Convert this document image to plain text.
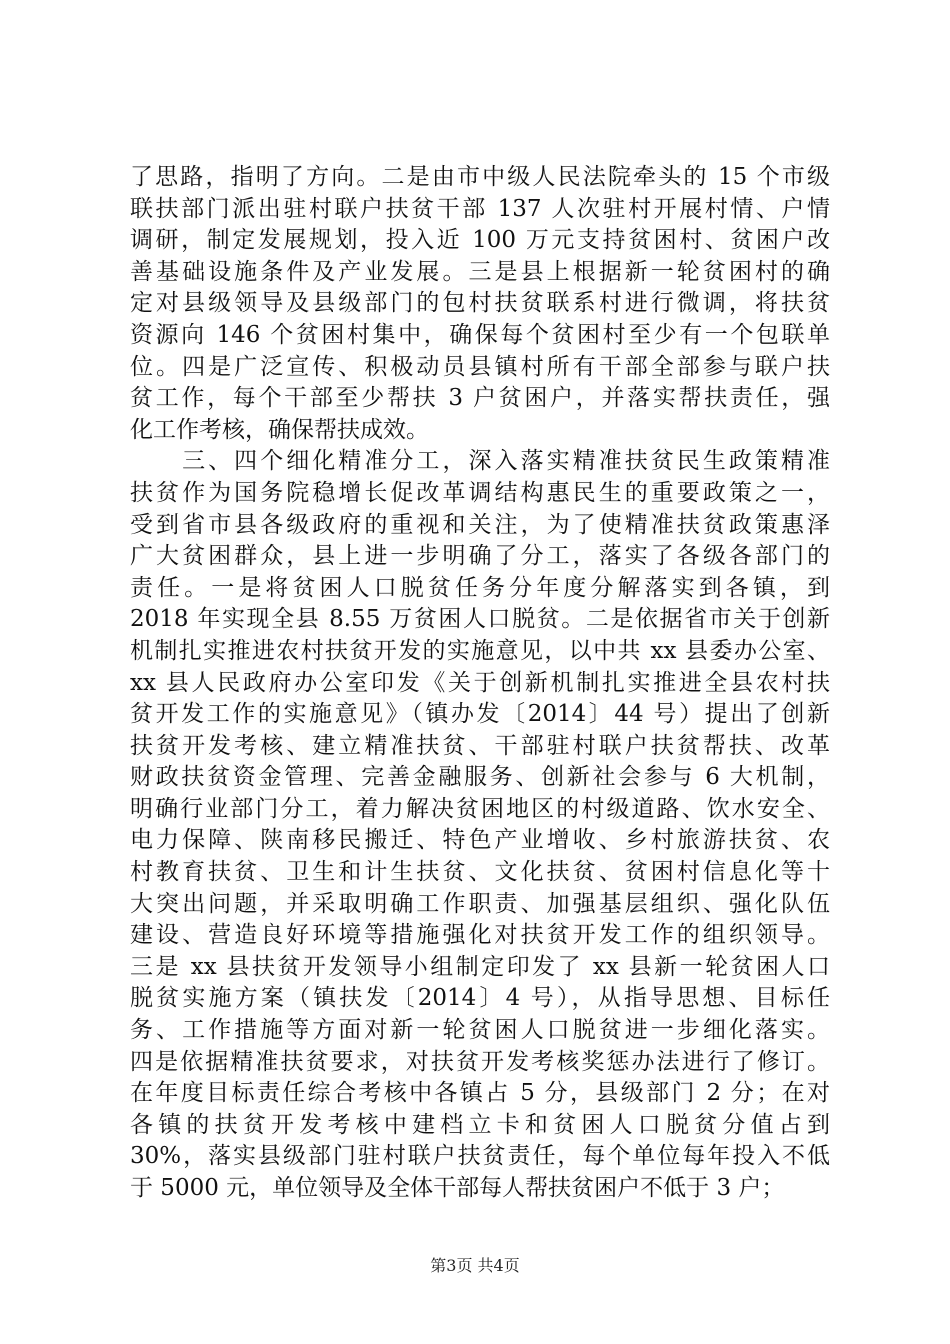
了思路，指明了方向。二是由市中级人民法院牵头的 15 个市级
联扶部门派出驻村联户扶贫干部 137 人次驻村开展村情、户情
调研，制定发展规划，投入近 100 万元支持贫困村、贫困户改
善基础设施条件及产业发展。三是县上根据新一轮贫困村的确
定对县级领导及县级部门的包村扶贫联系村进行微调，将扶贫
资源向 146 个贫困村集中，确保每个贫困村至少有一个包联单
位。四是广泛宣传、积极动员县镇村所有干部全部参与联户扶
贫工作，每个干部至少帮扶 3 户贫困户，并落实帮扶责任，强
化工作考核，确保帮扶成效。
　　三、四个细化精准分工，深入落实精准扶贫民生政策精准
扶贫作为国务院稳增长促改革调结构惠民生的重要政策之一，
受到省市县各级政府的重视和关注，为了使精准扶贫政策惠泽
广大贫困群众，县上进一步明确了分工，落实了各级各部门的
责任。一是将贫困人口脱贫任务分年度分解落实到各镇，到
2018 年实现全县 8.55 万贫困人口脱贫。二是依据省市关于创新
机制扎实推进农村扶贫开发的实施意见，以中共 xx 县委办公室、
xx 县人民政府办公室印发《关于创新机制扎实推进全县农村扶
贫开发工作的实施意见》（镇办发〔2014〕44 号）提出了创新
扶贫开发考核、建立精准扶贫、干部驻村联户扶贫帮扶、改革
财政扶贫资金管理、完善金融服务、创新社会参与 6 大机制，
明确行业部门分工，着力解决贫困地区的村级道路、饮水安全、
电力保障、陕南移民搬迁、特色产业增收、乡村旅游扶贫、农
村教育扶贫、卫生和计生扶贫、文化扶贫、贫困村信息化等十
大突出问题，并采取明确工作职责、加强基层组织、强化队伍
建设、营造良好环境等措施强化对扶贫开发工作的组织领导。
三是 xx 县扶贫开发领导小组制定印发了 xx 县新一轮贫困人口
脱贫实施方案（镇扶发〔2014〕4 号），从指导思想、目标任
务、工作措施等方面对新一轮贫困人口脱贫进一步细化落实。
四是依据精准扶贫要求，对扶贫开发考核奖惩办法进行了修订。
在年度目标责任综合考核中各镇占 5 分，县级部门 2 分；在对
各镇的扶贫开发考核中建档立卡和贫困人口脱贫分值占到
30%，落实县级部门驻村联户扶贫责任，每个单位每年投入不低
于 5000 元，单位领导及全体干部每人帮扶贫困户不低于 3 户；
第3页 共4页
